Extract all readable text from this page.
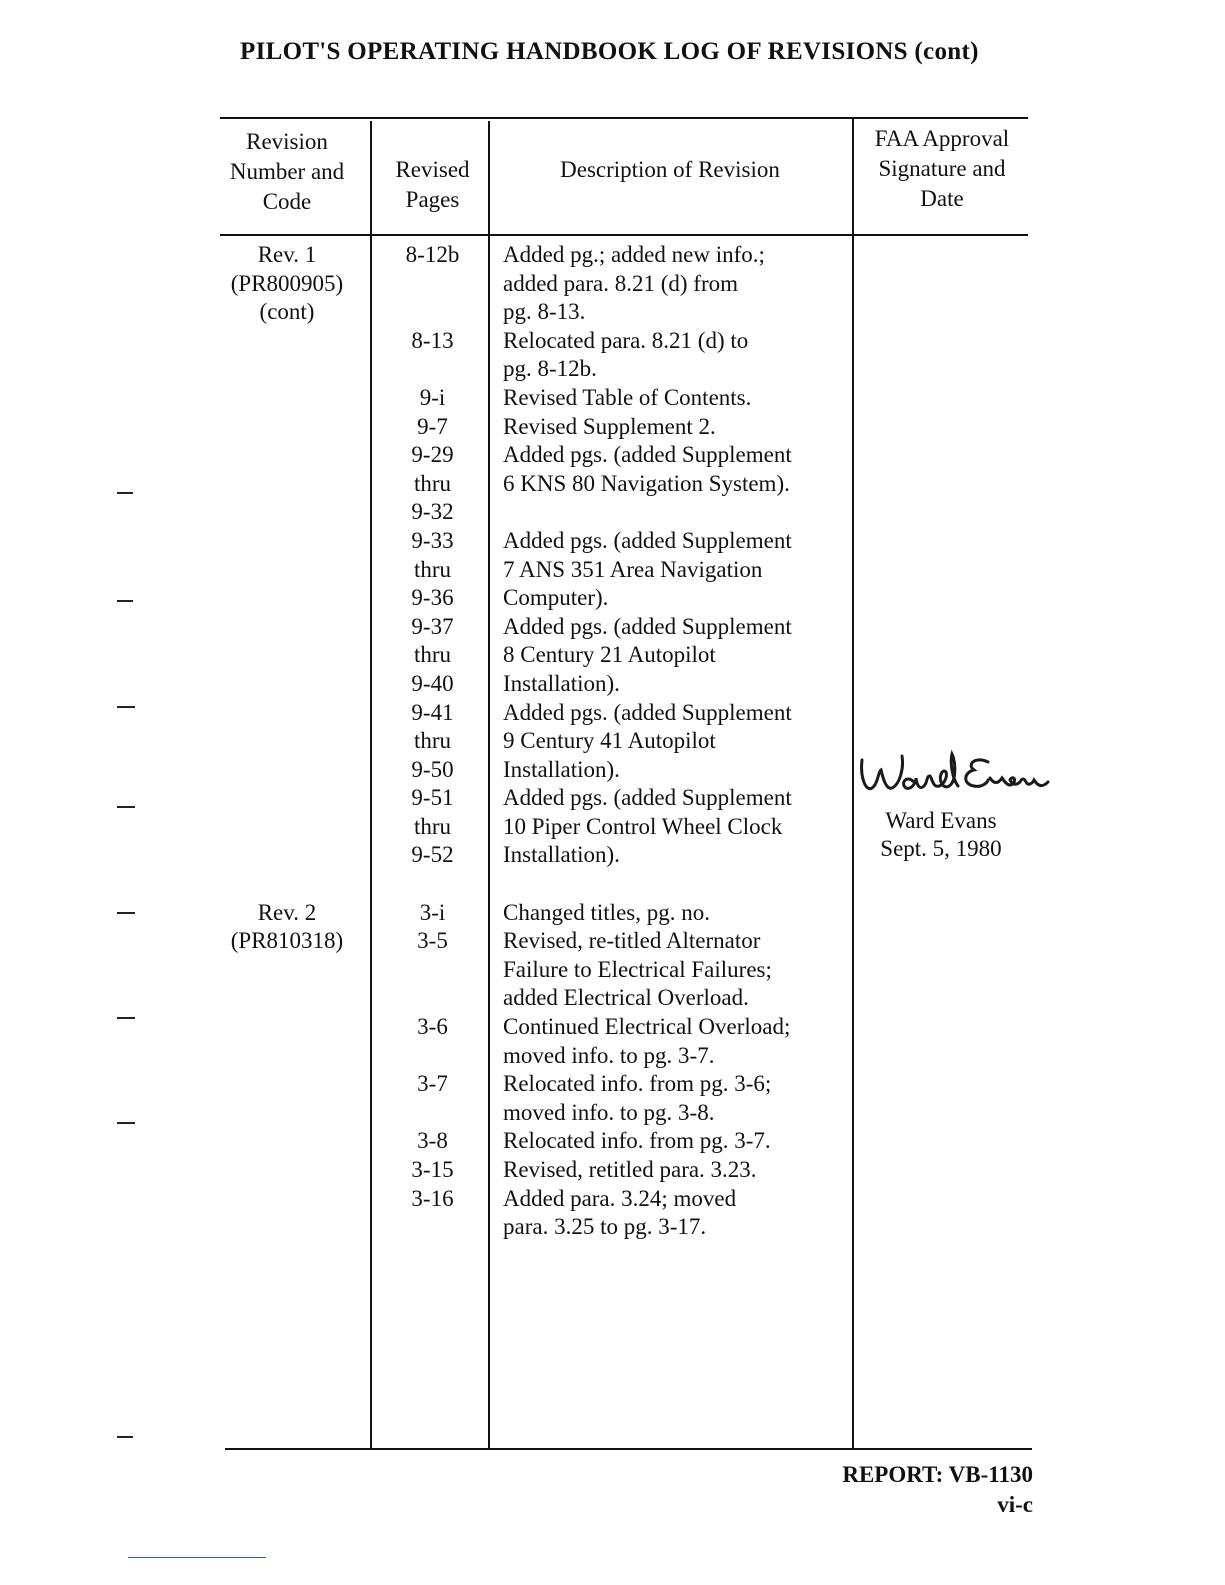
PILOT'S OPERATING HANDBOOK LOG OF REVISIONS (cont)
Revision
Number and
Code
Revised
Pages
Description of Revision
FAA Approval
Signature and
Date
Rev. 1
(PR800905)
(cont)
Rev. 2
(PR810318)
8-12b
8-13
9-i
9-7
9-29
thru
9-32
9-33
thru
9-36
9-37
thru
9-40
9-41
thru
9-50
9-51
thru
9-52
3-i
3-5
3-6
3-7
3-8
3-15
3-16
Added pg.; added new info.;
added para. 8.21 (d) from
pg. 8-13.
Relocated para. 8.21 (d) to
pg. 8-12b.
Revised Table of Contents.
Revised Supplement 2.
Added pgs. (added Supplement
6 KNS 80 Navigation System).
Added pgs. (added Supplement
7 ANS 351 Area Navigation
Computer).
Added pgs. (added Supplement
8 Century 21 Autopilot
Installation).
Added pgs. (added Supplement
9 Century 41 Autopilot
Installation).
Added pgs. (added Supplement
10 Piper Control Wheel Clock
Installation).
Changed titles, pg. no.
Revised, re-titled Alternator
Failure to Electrical Failures;
added Electrical Overload.
Continued Electrical Overload;
moved info. to pg. 3-7.
Relocated info. from pg. 3-6;
moved info. to pg. 3-8.
Relocated info. from pg. 3-7.
Revised, retitled para. 3.23.
Added para. 3.24; moved
para. 3.25 to pg. 3-17.
Ward Evans
Sept. 5, 1980
REPORT: VB-1130
vi-c
